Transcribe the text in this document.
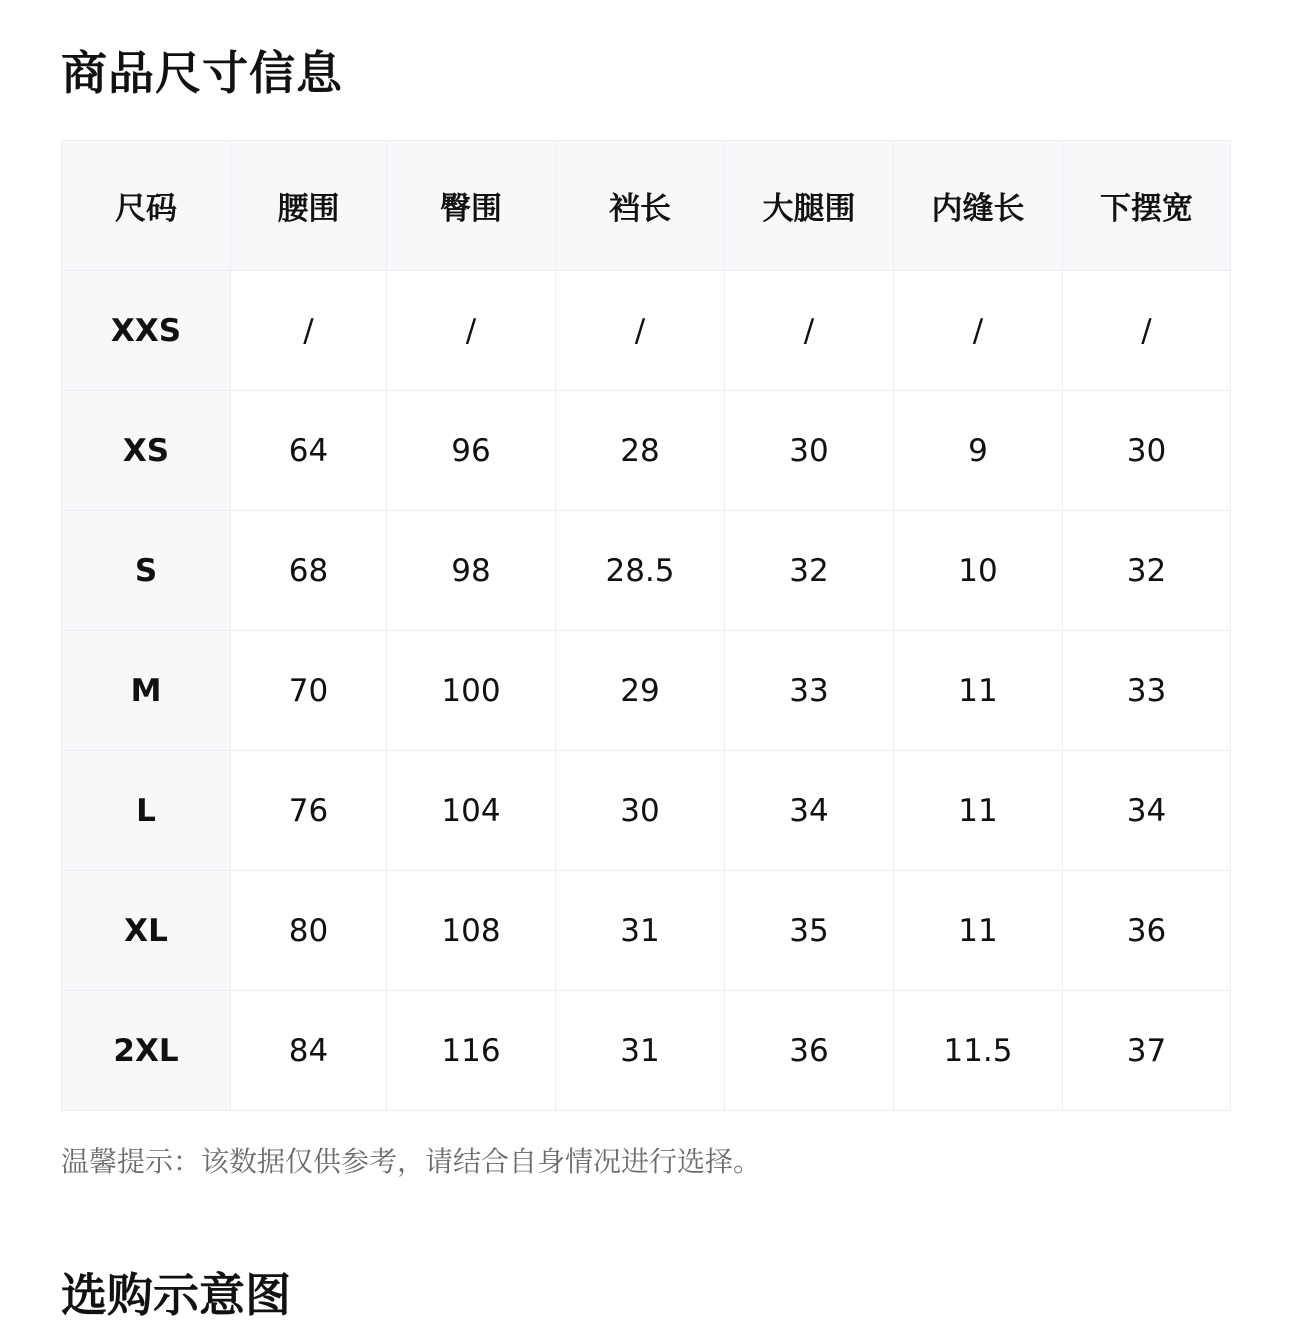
商品尺寸信息
尺码	腰围	臀围	裆长	大腿围	内缝长	下摆宽
XXS	/	/	/	/	/	/
XS	64	96	28	30	9	30
S	68	98	28.5	32	10	32
M	70	100	29	33	11	33
L	76	104	30	34	11	34
XL	80	108	31	35	11	36
2XL	84	116	31	36	11.5	37

温馨提示：该数据仅供参考，请结合自身情况进行选择。

选购示意图
